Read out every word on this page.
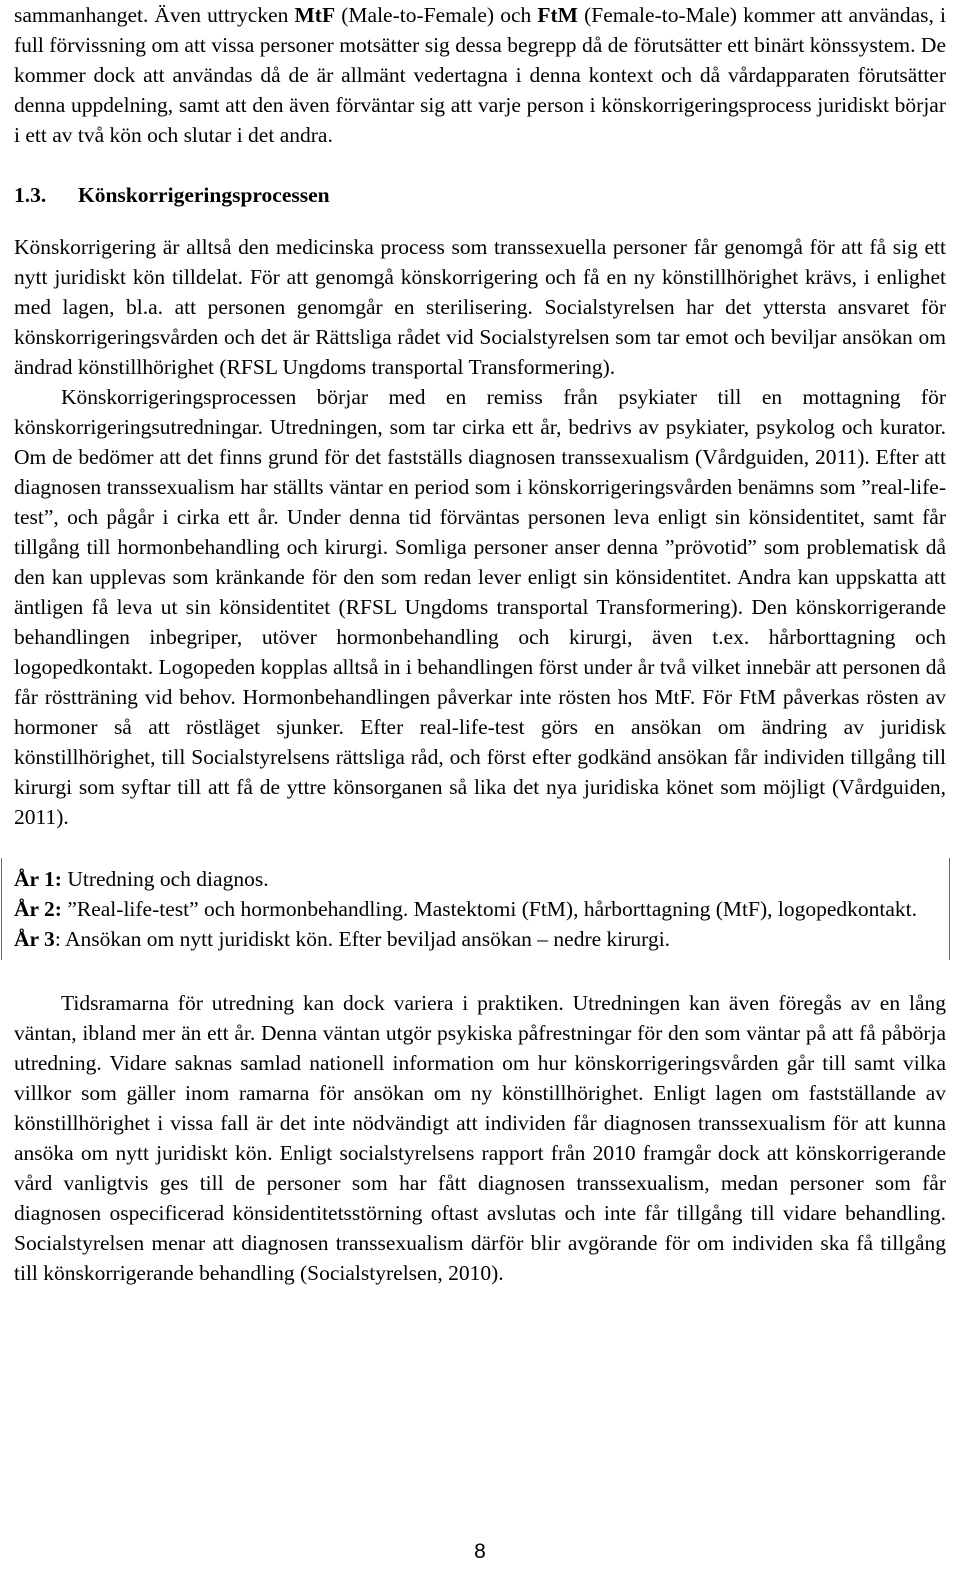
sammanhanget. Även uttrycken MtF (Male-to-Female) och FtM (Female-to-Male) kommer att användas, i full förvissning om att vissa personer motsätter sig dessa begrepp då de förutsätter ett binärt könssystem. De kommer dock att användas då de är allmänt vedertagna i denna kontext och då vårdapparaten förutsätter denna uppdelning, samt att den även förväntar sig att varje person i könskorrigeringsprocess juridiskt börjar i ett av två kön och slutar i det andra.

1.3. Könskorrigeringsprocessen

Könskorrigering är alltså den medicinska process som transsexuella personer får genomgå för att få sig ett nytt juridiskt kön tilldelat. För att genomgå könskorrigering och få en ny könstillhörighet krävs, i enlighet med lagen, bl.a. att personen genomgår en sterilisering. Socialstyrelsen har det yttersta ansvaret för könskorrigeringsvården och det är Rättsliga rådet vid Socialstyrelsen som tar emot och beviljar ansökan om ändrad könstillhörighet (RFSL Ungdoms transportal Transformering).

Könskorrigeringsprocessen börjar med en remiss från psykiater till en mottagning för könskorrigeringsutredningar. Utredningen, som tar cirka ett år, bedrivs av psykiater, psykolog och kurator. Om de bedömer att det finns grund för det fastställs diagnosen transsexualism (Vårdguiden, 2011). Efter att diagnosen transsexualism har ställts väntar en period som i könskorrigeringsvården benämns som ”real-life-test”, och pågår i cirka ett år. Under denna tid förväntas personen leva enligt sin könsidentitet, samt får tillgång till hormonbehandling och kirurgi. Somliga personer anser denna ”prövotid” som problematisk då den kan upplevas som kränkande för den som redan lever enligt sin könsidentitet. Andra kan uppskatta att äntligen få leva ut sin könsidentitet (RFSL Ungdoms transportal Transformering). Den könskorrigerande behandlingen inbegriper, utöver hormonbehandling och kirurgi, även t.ex. hårborttagning och logopedkontakt. Logopeden kopplas alltså in i behandlingen först under år två vilket innebär att personen då får röstträning vid behov. Hormonbehandlingen påverkar inte rösten hos MtF. För FtM påverkas rösten av hormoner så att röstläget sjunker. Efter real-life-test görs en ansökan om ändring av juridisk könstillhörighet, till Socialstyrelsens rättsliga råd, och först efter godkänd ansökan får individen tillgång till kirurgi som syftar till att få de yttre könsorganen så lika det nya juridiska könet som möjligt (Vårdguiden, 2011).

År 1: Utredning och diagnos.

År 2: ”Real-life-test” och hormonbehandling. Mastektomi (FtM), hårborttagning (MtF), logopedkontakt.

År 3: Ansökan om nytt juridiskt kön. Efter beviljad ansökan – nedre kirurgi.

Tidsramarna för utredning kan dock variera i praktiken. Utredningen kan även föregås av en lång väntan, ibland mer än ett år. Denna väntan utgör psykiska påfrestningar för den som väntar på att få påbörja utredning. Vidare saknas samlad nationell information om hur könskorrigeringsvården går till samt vilka villkor som gäller inom ramarna för ansökan om ny könstillhörighet. Enligt lagen om fastställande av könstillhörighet i vissa fall är det inte nödvändigt att individen får diagnosen transsexualism för att kunna ansöka om nytt juridiskt kön. Enligt socialstyrelsens rapport från 2010 framgår dock att könskorrigerande vård vanligtvis ges till de personer som har fått diagnosen transsexualism, medan personer som får diagnosen ospecificerad könsidentitetsstörning oftast avslutas och inte får tillgång till vidare behandling. Socialstyrelsen menar att diagnosen transsexualism därför blir avgörande för om individen ska få tillgång till könskorrigerande behandling (Socialstyrelsen, 2010).

8
